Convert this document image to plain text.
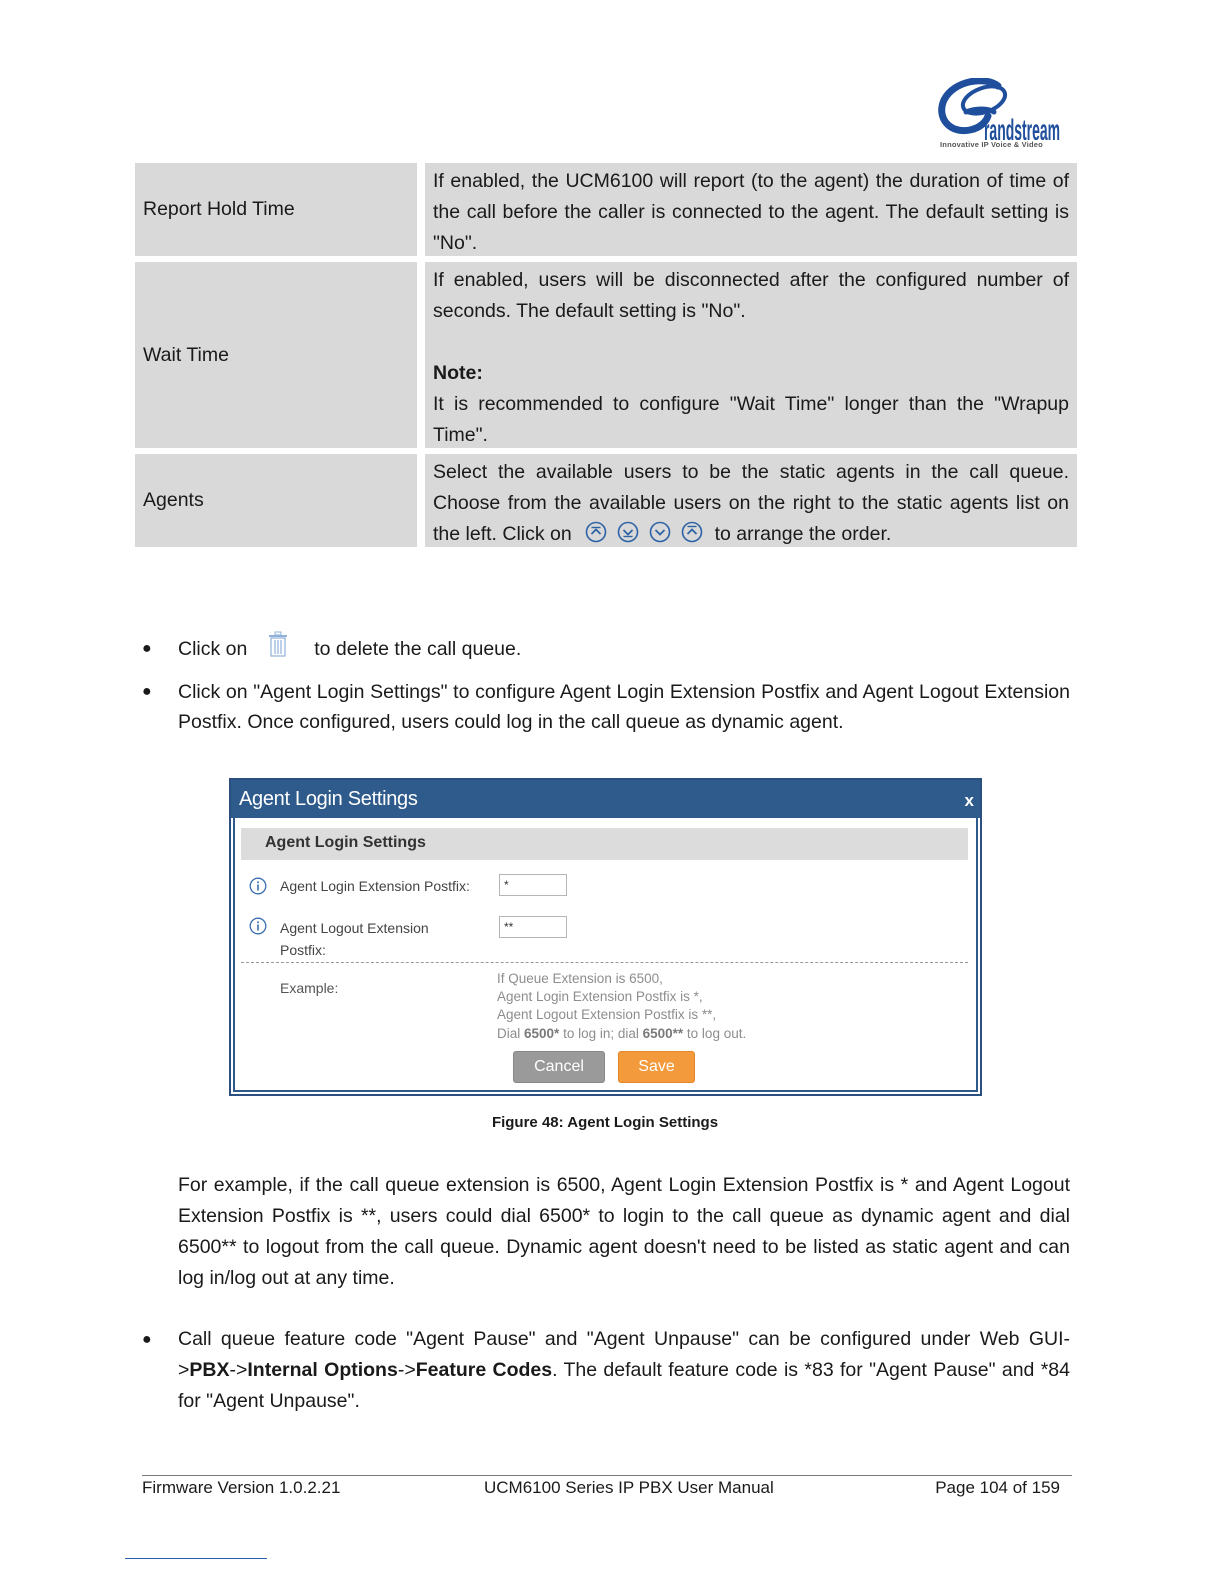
randstream
Innovative IP Voice & Video
Report Hold Time

If enabled, the UCM6100 will report (to the agent) the duration of time of the call before the caller is connected to the agent. The default setting is "No".

Wait Time

If enabled, users will be disconnected after the configured number of seconds. The default setting is "No".

Note:

It is recommended to configure "Wait Time" longer than the "Wrapup Time".

Agents

Select the available users to be the static agents in the call queue. Choose from the available users on the right to the static agents list on the left. Click on	to arrange the order.

● Click on	to delete the call queue.
● Click on "Agent Login Settings" to configure Agent Login Extension Postfix and Agent Logout Extension Postfix. Once configured, users could log in the call queue as dynamic agent.
Agent Login Settings	x
Agent Login Settings
Agent Login Extension Postfix:
*
Agent Logout Extension
Postfix:
**
Example:
If Queue Extension is 6500,
Agent Login Extension Postfix is *,
Agent Logout Extension Postfix is **,
Dial 6500* to log in; dial 6500** to log out.
Cancel	Save
Figure 48: Agent Login Settings

For example, if the call queue extension is 6500, Agent Login Extension Postfix is * and Agent Logout Extension Postfix is **, users could dial 6500* to login to the call queue as dynamic agent and dial 6500** to logout from the call queue. Dynamic agent doesn't need to be listed as static agent and can log in/log out at any time.

● Call queue feature code "Agent Pause" and "Agent Unpause" can be configured under Web GUI->PBX->Internal Options->Feature Codes. The default feature code is *83 for "Agent Pause" and *84 for "Agent Unpause".
Firmware Version 1.0.2.21	UCM6100 Series IP PBX User Manual	Page 104 of 159
